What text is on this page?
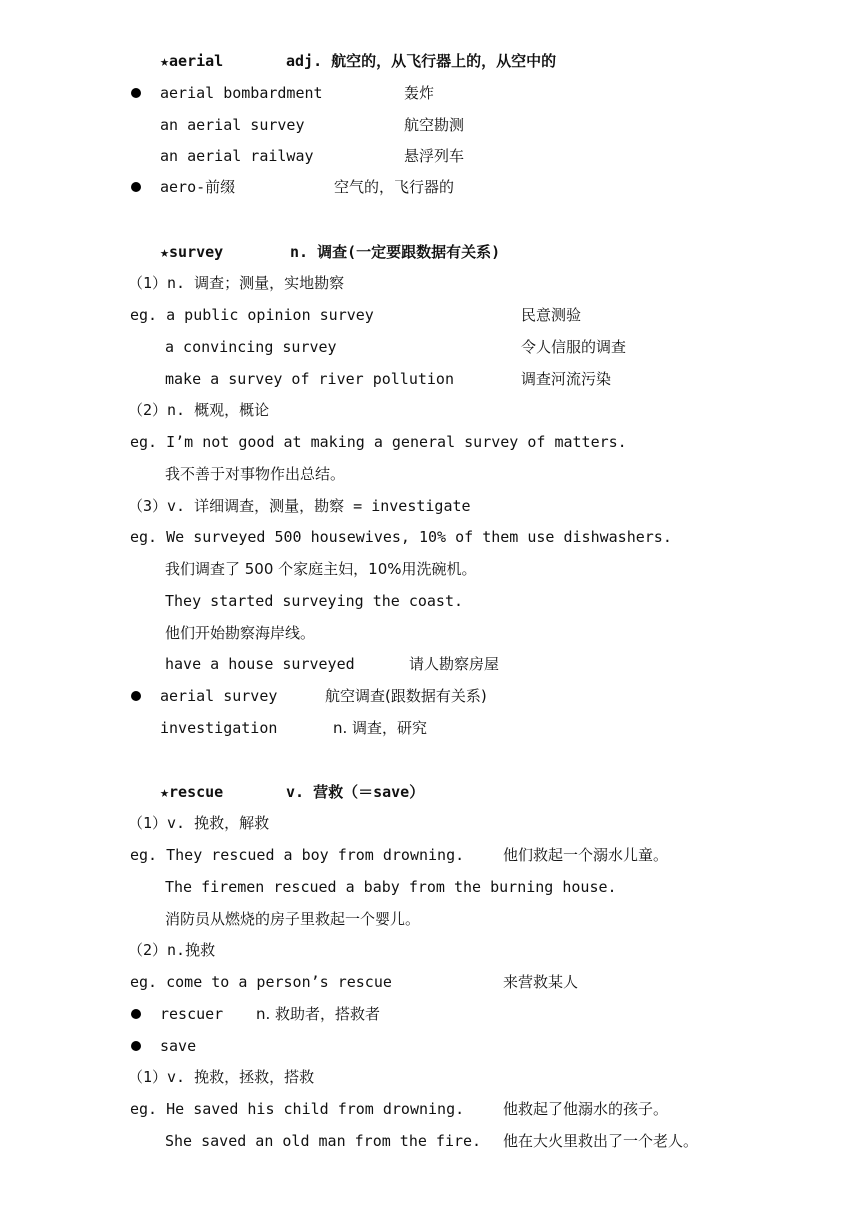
★aerial	adj. 航空的，从飞行器上的，从空中的
aerial bombardment	轰炸
an aerial survey	航空勘测
an aerial railway	悬浮列车
aero-前缀	空气的，飞行器的
★survey	n. 调查(一定要跟数据有关系)
（1）n. 调查；测量，实地勘察
eg. a public opinion survey	民意测验
a convincing survey	令人信服的调查
make a survey of river pollution	调查河流污染
（2）n. 概观，概论
eg. I’m not good at making a general survey of matters.
我不善于对事物作出总结。
（3）v. 详细调查，测量，勘察 = investigate
eg. We surveyed 500 housewives, 10% of them use dishwashers.
我们调查了 500 个家庭主妇，10%用洗碗机。
They started surveying the coast.
他们开始勘察海岸线。
have a house surveyed	请人勘察房屋
aerial survey	航空调查(跟数据有关系)
investigation	n. 调查，研究
★rescue	v. 营救（＝save）
（1）v. 挽救，解救
eg. They rescued a boy from drowning.	他们救起一个溺水儿童。
The firemen rescued a baby from the burning house.
消防员从燃烧的房子里救起一个婴儿。
（2）n.挽救
eg. come to a person’s rescue	来营救某人
rescuer n. 救助者，搭救者
save
（1）v. 挽救，拯救，搭救
eg. He saved his child from drowning.	他救起了他溺水的孩子。
She saved an old man from the fire. 他在大火里救出了一个老人。
